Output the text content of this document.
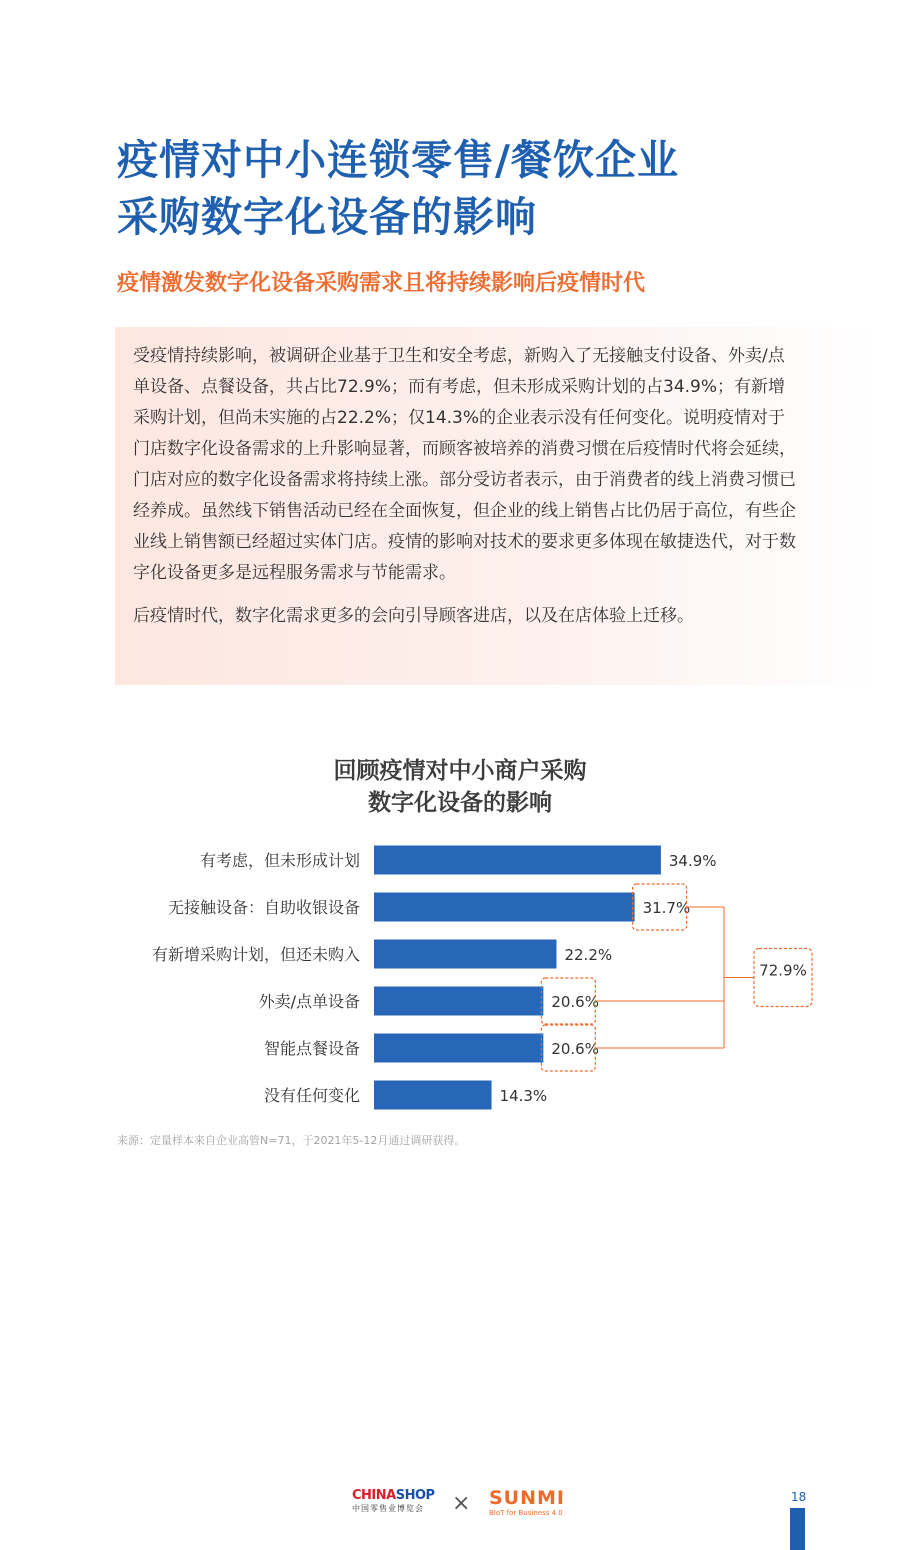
疫情对中小连锁零售/餐饮企业
采购数字化设备的影响
疫情激发数字化设备采购需求且将持续影响后疫情时代

受疫情持续影响，被调研企业基于卫生和安全考虑，新购入了无接触支付设备、外卖/点单设备、点餐设备，共占比72.9%；而有考虑，但未形成采购计划的占34.9%；有新增采购计划，但尚未实施的占22.2%；仅14.3%的企业表示没有任何变化。说明疫情对于门店数字化设备需求的上升影响显著，而顾客被培养的消费习惯在后疫情时代将会延续，门店对应的数字化设备需求将持续上涨。部分受访者表示，由于消费者的线上消费习惯已经养成。虽然线下销售活动已经在全面恢复，但企业的线上销售占比仍居于高位，有些企业线上销售额已经超过实体门店。疫情的影响对技术的要求更多体现在敏捷迭代，对于数字化设备更多是远程服务需求与节能需求。

后疫情时代，数字化需求更多的会向引导顾客进店，以及在店体验上迁移。

回顾疫情对中小商户采购
数字化设备的影响
有考虑，但未形成计划	34.9%
无接触设备：自助收银设备	31.7%
有新增采购计划，但还未购入	22.2%
外卖/点单设备	20.6%
智能点餐设备	20.6%
没有任何变化	14.3%
72.9%
来源：定量样本来自企业高管N=71，于2021年5-12月通过调研获得。
CHINASHOP
中国零售业博览会	× SUNMI
BIoT for Business 4.0
18
